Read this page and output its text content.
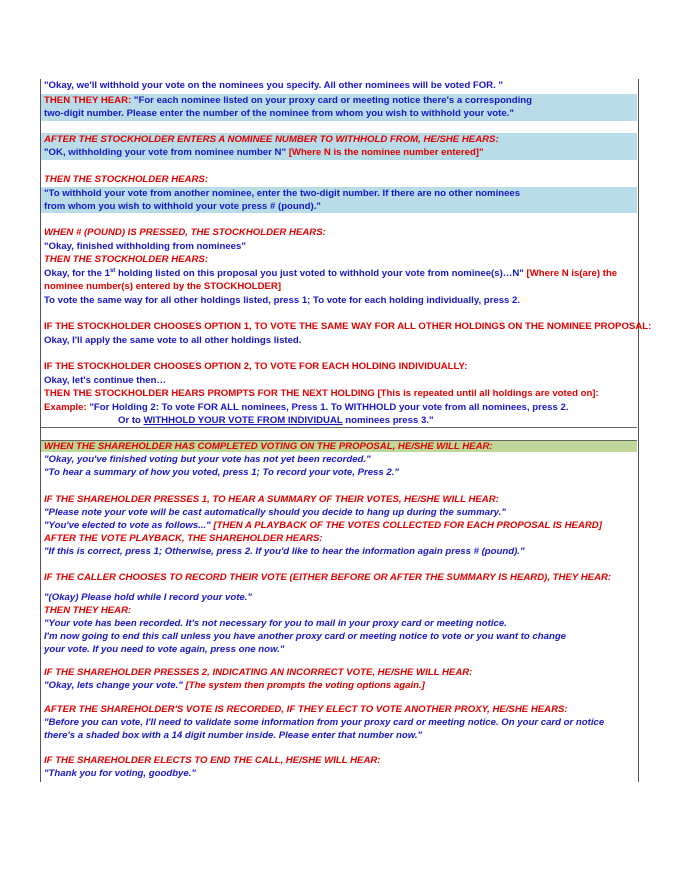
"Okay, we'll withhold your vote on the nominees you specify. All other nominees will be voted FOR. "
THEN THEY HEAR: "For each nominee listed on your proxy card or meeting notice there's a corresponding
two-digit number. Please enter the number of the nominee from whom you wish to withhold your vote."
AFTER THE STOCKHOLDER ENTERS A NOMINEE NUMBER TO WITHHOLD FROM, HE/SHE HEARS:
"OK, withholding your vote from nominee number N" [Where N is the nominee number entered]"
THEN THE STOCKHOLDER HEARS:
"To withhold your vote from another nominee, enter the two-digit number. If there are no other nominees
from whom you wish to withhold your vote press # (pound)."
WHEN # (POUND) IS PRESSED, THE STOCKHOLDER HEARS:
"Okay, finished withholding from nominees"
THEN THE STOCKHOLDER HEARS:
Okay, for the 1st holding listed on this proposal you just voted to withhold your vote from nominee(s)…N" [Where N is(are) the
nominee number(s) entered by the STOCKHOLDER]
To vote the same way for all other holdings listed, press 1; To vote for each holding individually, press 2.
IF THE STOCKHOLDER CHOOSES OPTION 1, TO VOTE THE SAME WAY FOR ALL OTHER HOLDINGS ON THE NOMINEE PROPOSAL:
Okay, I'll apply the same vote to all other holdings listed.
IF THE STOCKHOLDER CHOOSES OPTION 2, TO VOTE FOR EACH HOLDING INDIVIDUALLY:
Okay, let's continue then…
THEN THE STOCKHOLDER HEARS PROMPTS FOR THE NEXT HOLDING [This is repeated until all holdings are voted on]:
Example: "For Holding 2: To vote FOR ALL nominees, Press 1. To WITHHOLD your vote from all nominees, press 2.
Or to WITHHOLD YOUR VOTE FROM INDIVIDUAL nominees press 3."
WHEN THE SHAREHOLDER HAS COMPLETED VOTING ON THE PROPOSAL, HE/SHE WILL HEAR:
"Okay, you've finished voting but your vote has not yet been recorded."
"To hear a summary of how you voted, press 1; To record your vote, Press 2."
IF THE SHAREHOLDER PRESSES 1, TO HEAR A SUMMARY OF THEIR VOTES, HE/SHE WILL HEAR:
"Please note your vote will be cast automatically should you decide to hang up during the summary."
"You've elected to vote as follows..." [THEN A PLAYBACK OF THE VOTES COLLECTED FOR EACH PROPOSAL IS HEARD]
AFTER THE VOTE PLAYBACK, THE SHAREHOLDER HEARS:
"If this is correct, press 1; Otherwise, press 2. If you'd like to hear the information again press # (pound)."
IF THE CALLER CHOOSES TO RECORD THEIR VOTE (EITHER BEFORE OR AFTER THE SUMMARY IS HEARD), THEY HEAR:
"(Okay) Please hold while I record your vote."
THEN THEY HEAR:
"Your vote has been recorded. It's not necessary for you to mail in your proxy card or meeting notice.
I'm now going to end this call unless you have another proxy card or meeting notice to vote or you want to change
your vote. If you need to vote again, press one now."
IF THE SHAREHOLDER PRESSES 2, INDICATING AN INCORRECT VOTE, HE/SHE WILL HEAR:
"Okay, lets change your vote." [The system then prompts the voting options again.]
AFTER THE SHAREHOLDER'S VOTE IS RECORDED, IF THEY ELECT TO VOTE ANOTHER PROXY, HE/SHE HEARS:
"Before you can vote, I'll need to validate some information from your proxy card or meeting notice. On your card or notice
there's a shaded box with a 14 digit number inside. Please enter that number now."
IF THE SHAREHOLDER ELECTS TO END THE CALL, HE/SHE WILL HEAR:
"Thank you for voting, goodbye."
